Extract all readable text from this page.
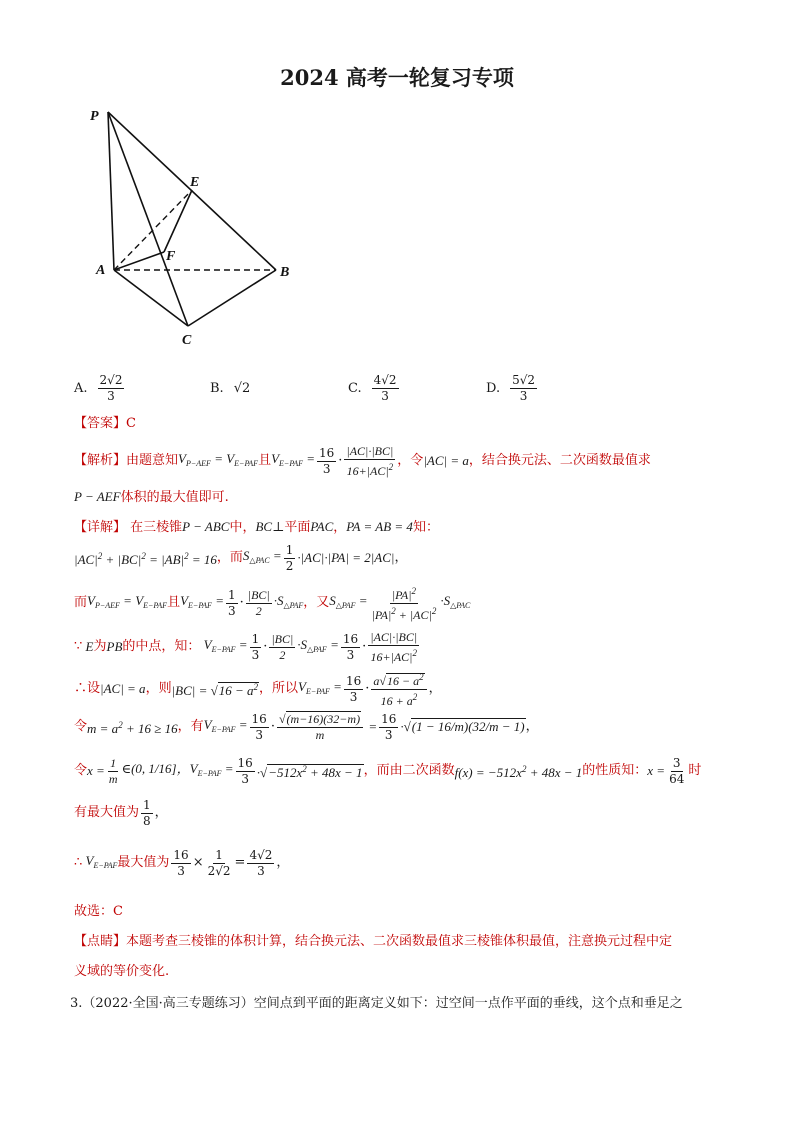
2024 高考一轮复习专项
P
E
F
A	B
C
A. $\frac{2√2}{3}$	B. √2	C. $\frac{4√2}{3}$	D. $\frac{5√2}{3}$
【答案】C
【解析】 由题意知 $V_{P-AEF} = V_{E-PAF}$ 且 $V_{E-PAF} = \frac{16}{3} \cdot \frac{|AC|\cdot|BC|}{16+|AC|^2}$ ，令 |AC| = a ，结合换元法、二次函数最值求
P − AEF体积的最大值即可.
【详解】 在三棱锥P − ABC中，BC⊥平面PAC，PA = AB = 4知：
$|AC|^2 + |BC|^2 = |AB|^2 = 16$ ，而 $S_{\triangle PAC} = \frac{1}{2} \cdot|AC|\cdot|PA| = 2|AC|$ ，
而 $V_{P-AEF} = V_{E-PAF}$ 且 $V_{E-PAF} = \frac{1}{3} \cdot \frac{|BC|}{2} \cdot S_{\triangle PAF}$ ，又 $S_{\triangle PAF} = \frac{|PA|^2}{|PA|^2 + |AC|^2} \cdot S_{\triangle PAC}$
∵ E 为 PB 的中点，知： $V_{E-PAF} = \frac{1}{3} \cdot \frac{|BC|}{2} \cdot S_{\triangle PAF} = \frac{16}{3} \cdot \frac{|AC|\cdot|BC|}{16+|AC|^2}$
∴设 |AC| = a ，则 $|BC| = √16 - a^2$ ，所以 $V_{E-PAF} = \frac{16}{3} \cdot \frac{a√16 - a^2}{16 + a^2}$ ，
令 $m = a^2 + 16 \ge 16$ ，有 $V_{E-PAF} = \frac{16}{3} \cdot \frac{√(m-16)(32-m)}{m} = \frac{16}{3} \cdot√(1 - 16/m)(32/m - 1)$ ，
令 $x = \frac{1}{m}$ ∈(0, 1/16]，$V_{E-PAF} = \frac{16}{3} \cdot√-512x^2 + 48x - 1$ ，而由二次函数 $f(x) = -512x^2 + 48x - 1$ 的性质知： $x = \frac{3}{64}$ 时
有最大值为 $\frac{1}{8}$ ，
∴ $V_{E-PAF}$ 最大值为 $\frac{16}{3} \times \frac{1}{2√2} = \frac{4√2}{3}$ ，
故选：C
【点睛】本题考查三棱锥的体积计算，结合换元法、二次函数最值求三棱锥体积最值，注意换元过程中定
义域的等价变化.
3.（2022·全国·高三专题练习）空间点到平面的距离定义如下：过空间一点作平面的垂线，这个点和垂足之
